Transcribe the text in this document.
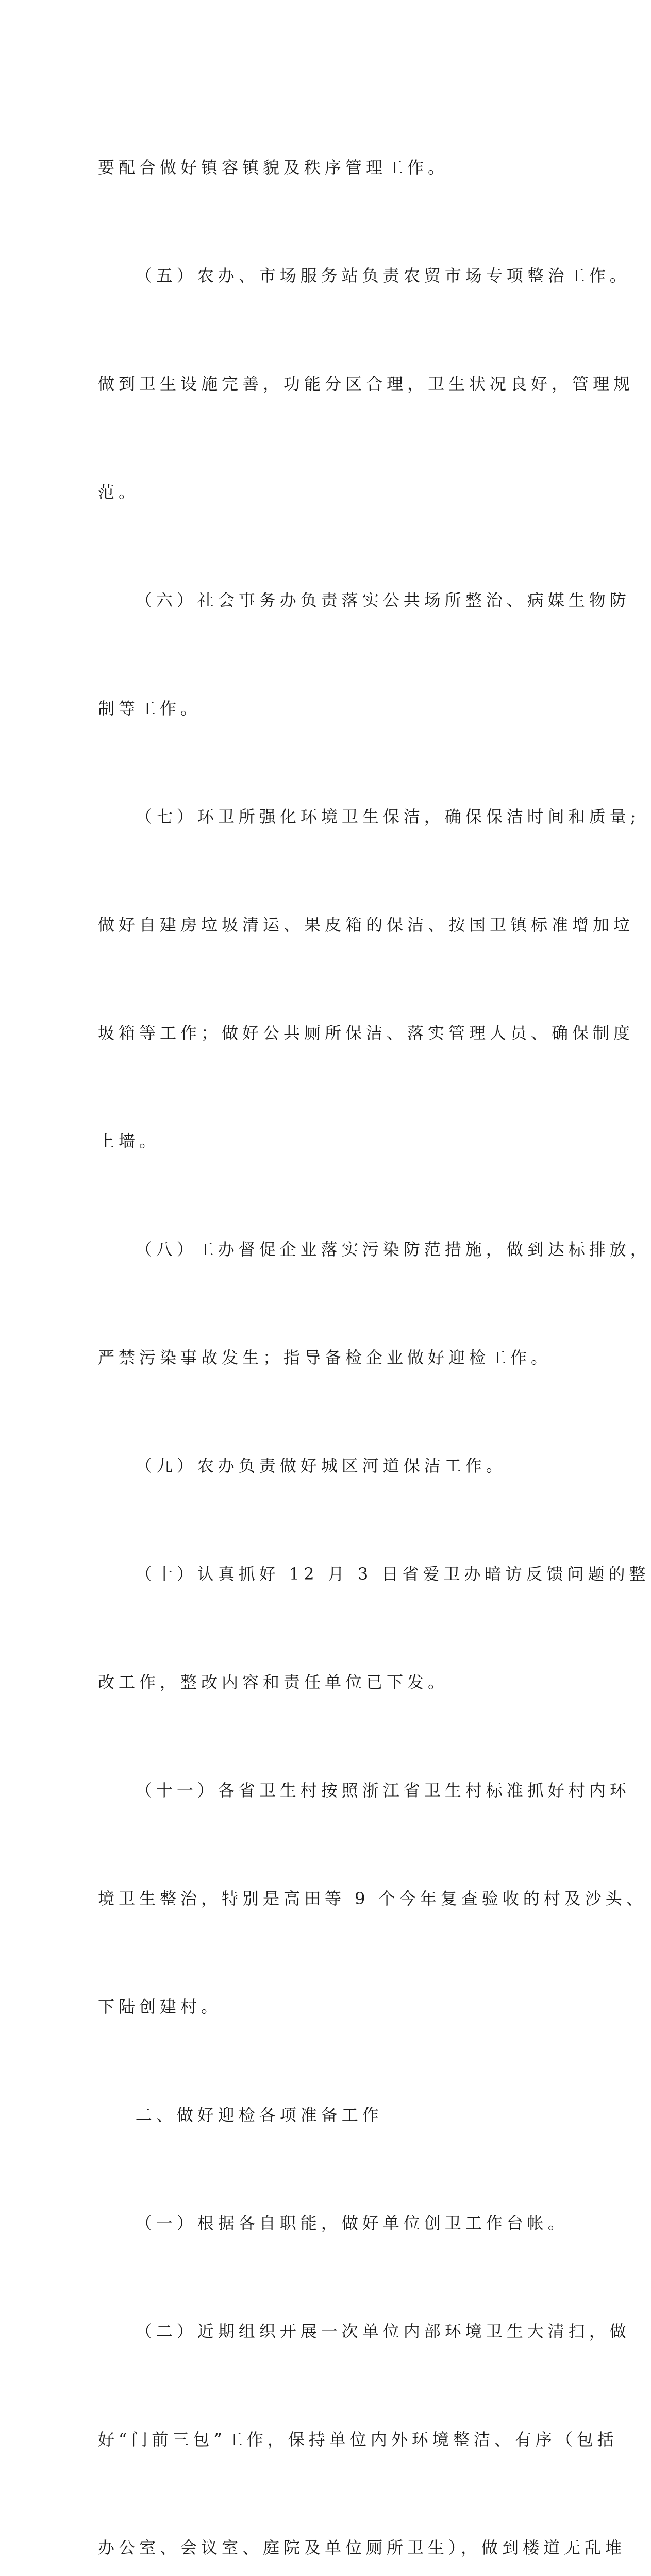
要配合做好镇容镇貌及秩序管理工作。

（五）农办、市场服务站负责农贸市场专项整治工作。

做到卫生设施完善，功能分区合理，卫生状况良好，管理规

范。

（六）社会事务办负责落实公共场所整治、病媒生物防

制等工作。

（七）环卫所强化环境卫生保洁，确保保洁时间和质量;

做好自建房垃圾清运、果皮箱的保洁、按国卫镇标准增加垃

圾箱等工作；做好公共厕所保洁、落实管理人员、确保制度

上墙。

（八）工办督促企业落实污染防范措施，做到达标排放，

严禁污染事故发生；指导备检企业做好迎检工作。

（九）农办负责做好城区河道保洁工作。

（十）认真抓好 12 月 3 日省爱卫办暗访反馈问题的整

改工作，整改内容和责任单位已下发。

（十一）各省卫生村按照浙江省卫生村标准抓好村内环

境卫生整治，特别是高田等 9 个今年复查验收的村及沙头、

下陆创建村。

二、做好迎检各项准备工作

（一）根据各自职能，做好单位创卫工作台帐。

（二）近期组织开展一次单位内部环境卫生大清扫，做

好“门前三包”工作，保持单位内外环境整洁、有序（包括

办公室、会议室、庭院及单位厕所卫生），做到楼道无乱堆
